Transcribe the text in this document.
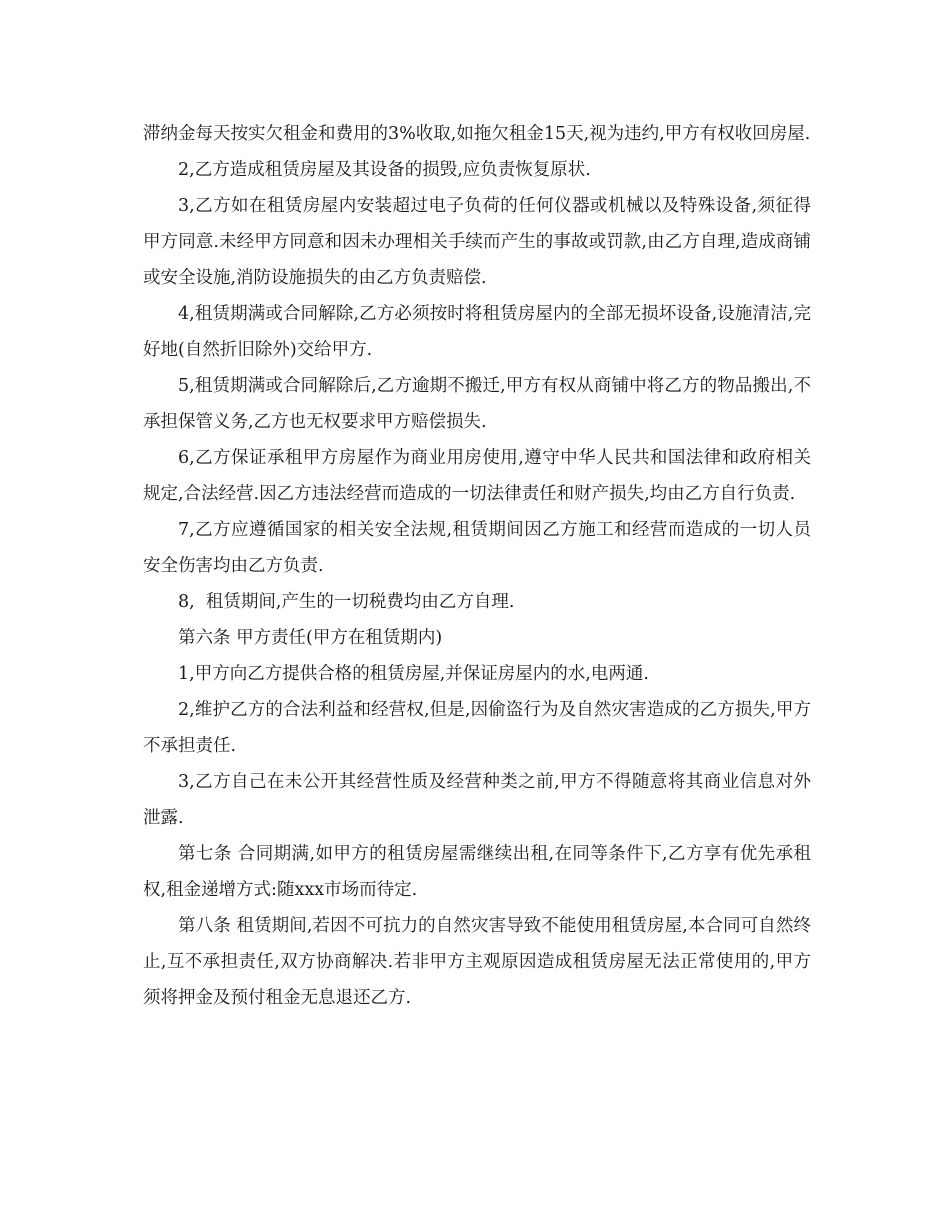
滞纳金每天按实欠租金和费用的3%收取,如拖欠租金15天,视为违约,甲方有权收回房屋.

2,乙方造成租赁房屋及其设备的损毁,应负责恢复原状.

3,乙方如在租赁房屋内安装超过电子负荷的任何仪器或机械以及特殊设备,须征得甲方同意.未经甲方同意和因未办理相关手续而产生的事故或罚款,由乙方自理,造成商铺或安全设施,消防设施损失的由乙方负责赔偿.

4,租赁期满或合同解除,乙方必须按时将租赁房屋内的全部无损坏设备,设施清洁,完好地(自然折旧除外)交给甲方.

5,租赁期满或合同解除后,乙方逾期不搬迁,甲方有权从商铺中将乙方的物品搬出,不承担保管义务,乙方也无权要求甲方赔偿损失.

6,乙方保证承租甲方房屋作为商业用房使用,遵守中华人民共和国法律和政府相关规定,合法经营.因乙方违法经营而造成的一切法律责任和财产损失,均由乙方自行负责.

7,乙方应遵循国家的相关安全法规,租赁期间因乙方施工和经营而造成的一切人员安全伤害均由乙方负责.

8,  租赁期间,产生的一切税费均由乙方自理.

第六条 甲方责任(甲方在租赁期内)

1,甲方向乙方提供合格的租赁房屋,并保证房屋内的水,电两通.

2,维护乙方的合法利益和经营权,但是,因偷盗行为及自然灾害造成的乙方损失,甲方不承担责任.

3,乙方自己在未公开其经营性质及经营种类之前,甲方不得随意将其商业信息对外泄露.

第七条 合同期满,如甲方的租赁房屋需继续出租,在同等条件下,乙方享有优先承租权,租金递增方式:随xxx市场而待定.

第八条 租赁期间,若因不可抗力的自然灾害导致不能使用租赁房屋,本合同可自然终止,互不承担责任,双方协商解决.若非甲方主观原因造成租赁房屋无法正常使用的,甲方须将押金及预付租金无息退还乙方.
